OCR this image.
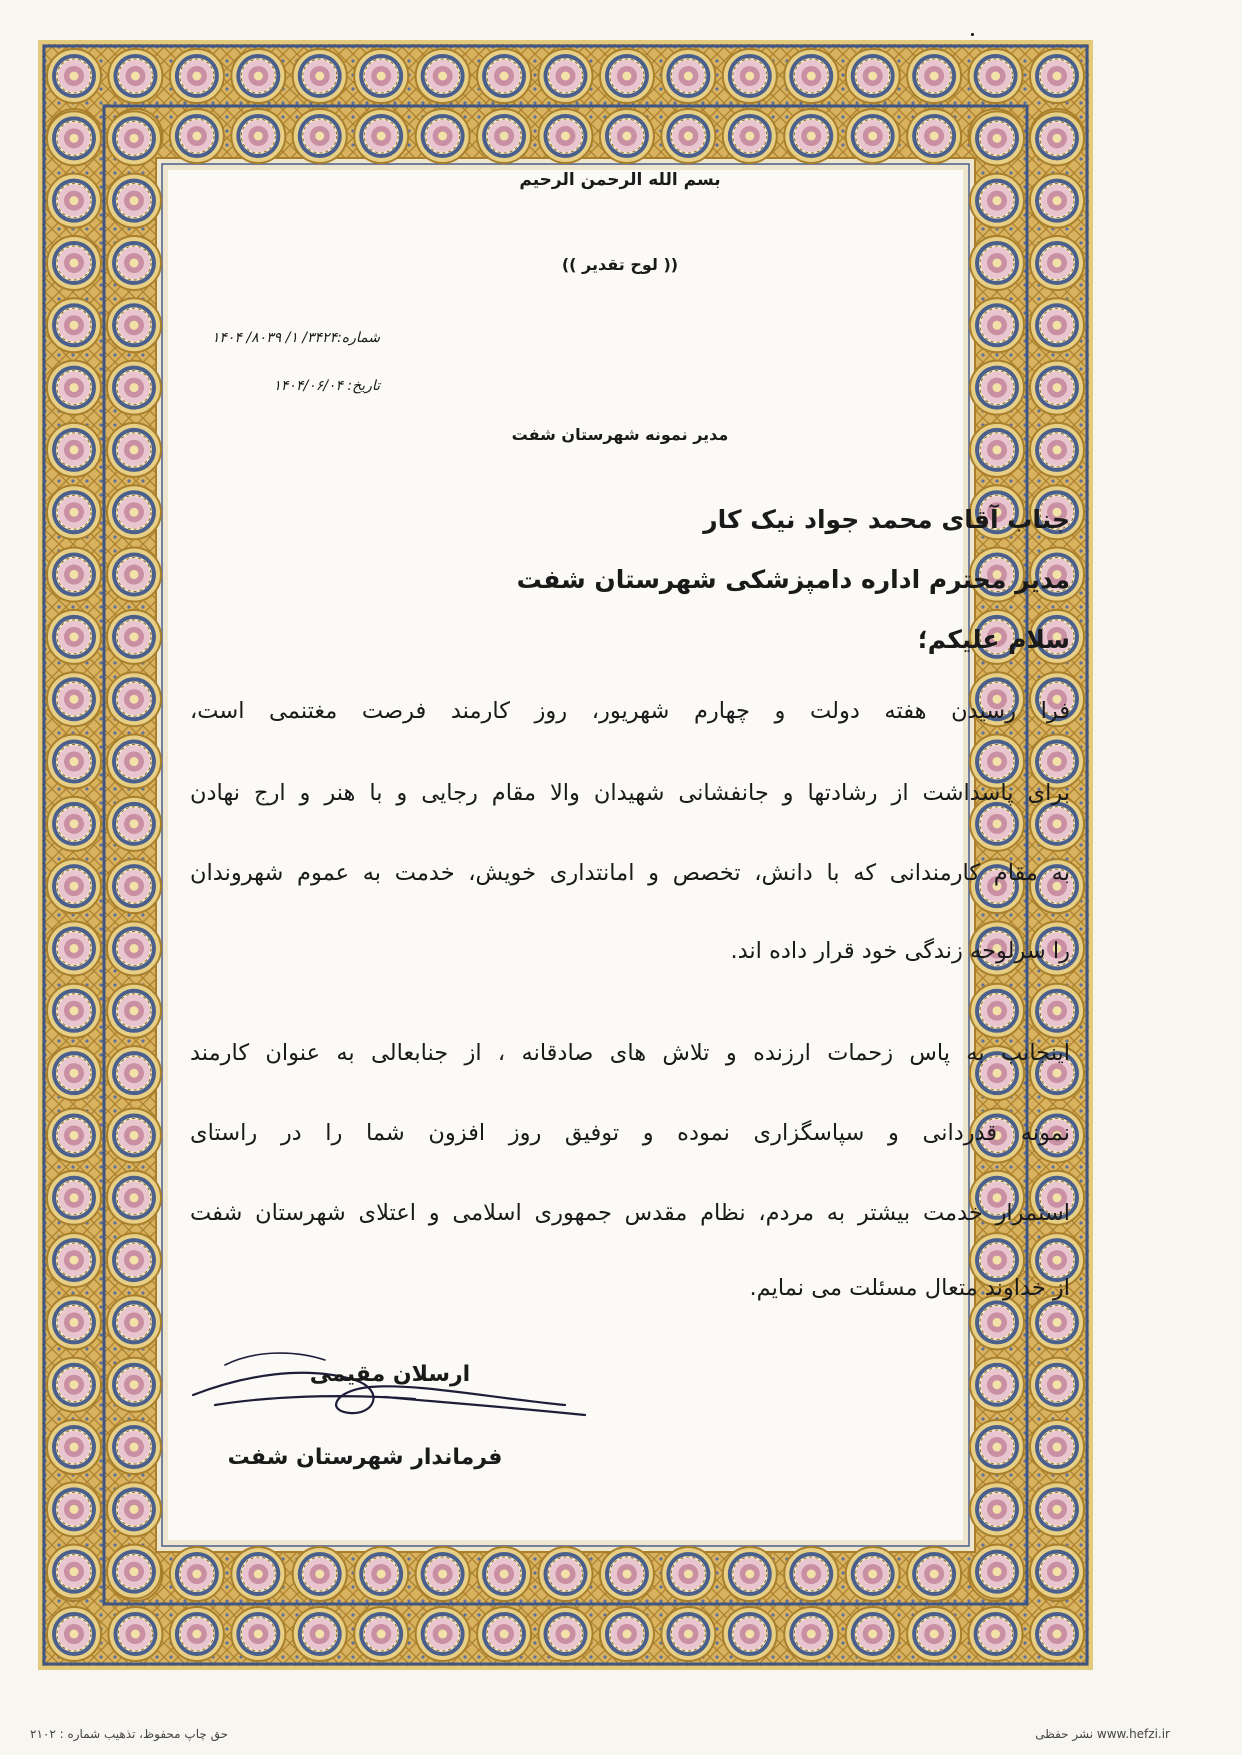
بسم الله الرحمن الرحیم
(( لوح تقدیر ))
شماره:۳۴۲۴/ ۱/ ۸۰۳۹/ ۱۴۰۴
تاریخ: ۱۴۰۴/۰۶/۰۴
مدیر نمونه شهرستان شفت
جناب آقای محمد جواد نیک کار
مدیر محترم اداره دامپزشکی شهرستان شفت
سلام علیکم؛
فرا رسیدن هفته دولت و چهارم شهریور، روز کارمند فرصت مغتنمی است،
برای پاسداشت از رشادتها و جانفشانی شهیدان والا مقام رجایی و با هنر و ارج نهادن
به مقام کارمندانی که با دانش، تخصص و امانتداری خویش، خدمت به عموم شهروندان
را سرلوحه زندگی خود قرار داده اند.
اینجانب به پاس زحمات ارزنده و تلاش های صادقانه ، از جنابعالی به عنوان کارمند
نمونه قدردانی و سپاسگزاری نموده و توفیق روز افزون شما را در راستای
استمرار خدمت بیشتر به مردم، نظام مقدس جمهوری اسلامی و اعتلای شهرستان شفت
از خداوند متعال مسئلت می نمایم.
ارسلان مقیمی
فرماندار شهرستان شفت
www.hefzi.ir نشر حفظی
حق چاپ محفوظ، تذهیب شماره : ۲۱۰۲
